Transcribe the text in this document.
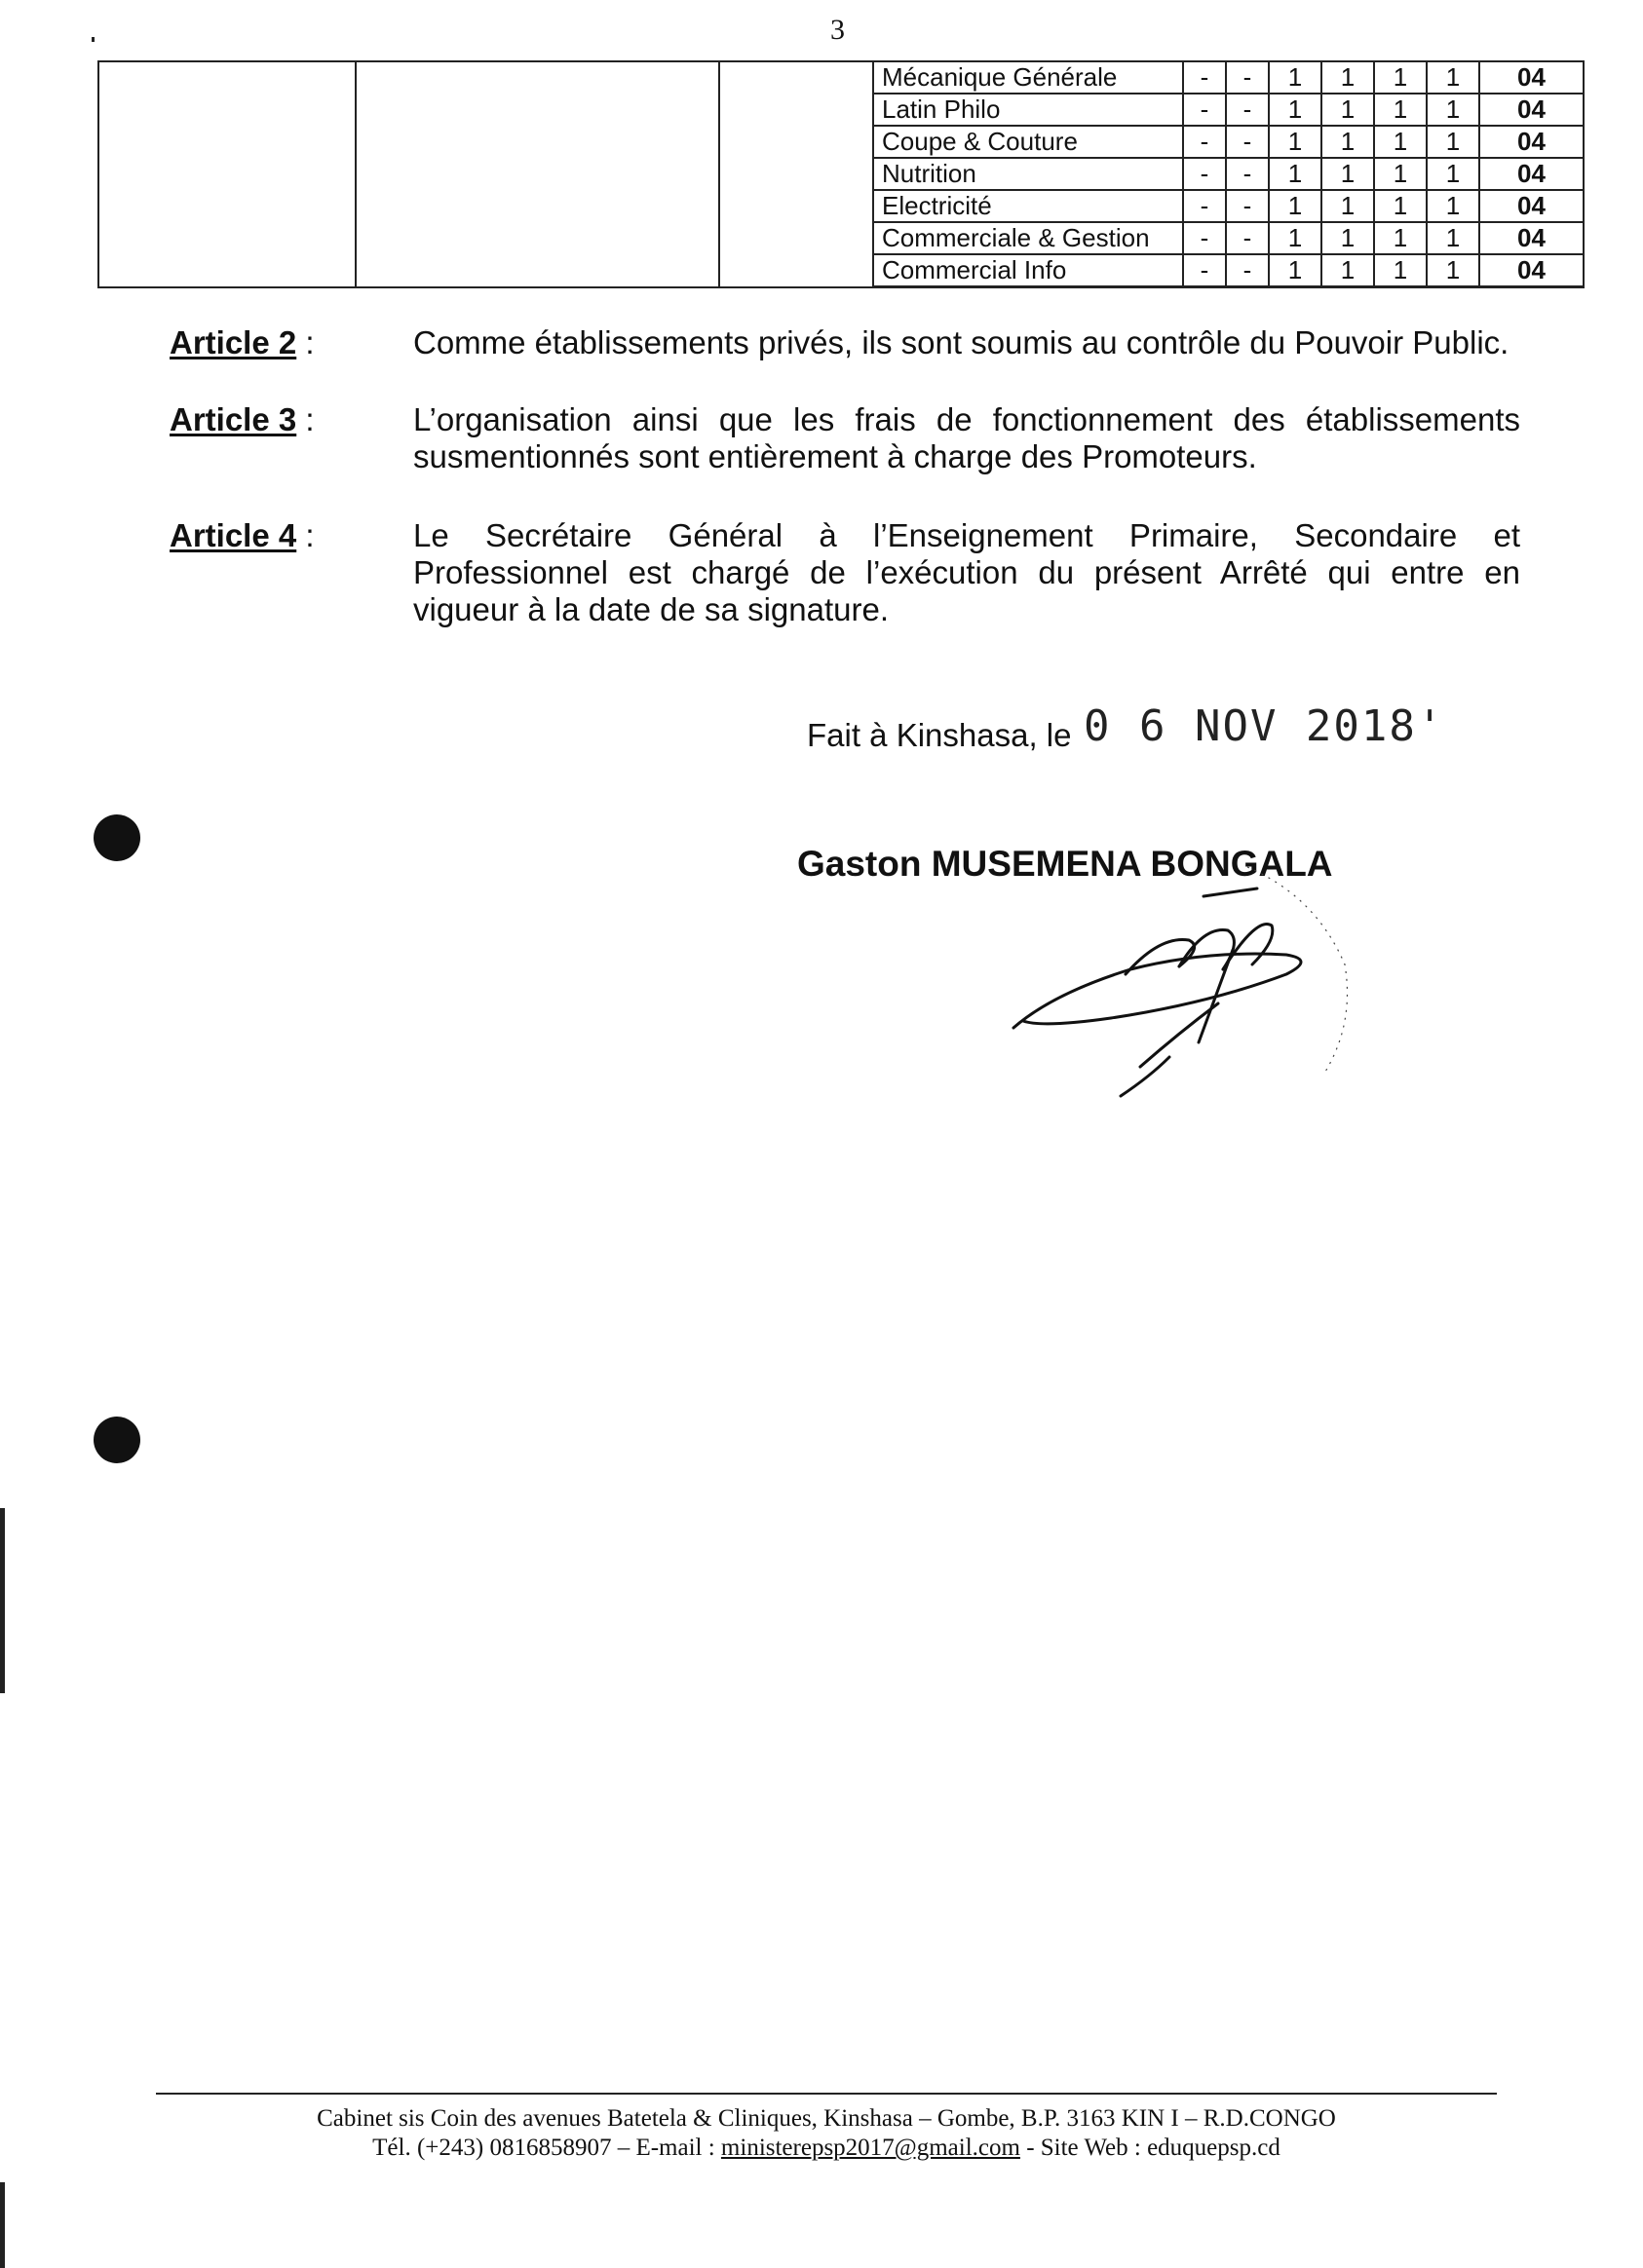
3
			Mécanique Générale	-	-	1	1	1	1	04
			Latin Philo	-	-	1	1	1	1	04
			Coupe & Couture	-	-	1	1	1	1	04
			Nutrition	-	-	1	1	1	1	04
			Electricité	-	-	1	1	1	1	04
			Commerciale & Gestion	-	-	1	1	1	1	04
			Commercial Info	-	-	1	1	1	1	04
Article 2 :	Comme établissements privés, ils sont soumis au contrôle du Pouvoir Public.
Article 3 :	L’organisation ainsi que les frais de fonctionnement des établissements susmentionnés sont entièrement à charge des Promoteurs.
Article 4 :	Le Secrétaire Général à l’Enseignement Primaire, Secondaire et Professionnel est chargé de l’exécution du présent Arrêté qui entre en vigueur à la date de sa signature.
Fait à Kinshasa, le 0 6 NOV 2018'
Gaston MUSEMENA BONGALA
Cabinet sis Coin des avenues Batetela & Cliniques, Kinshasa – Gombe, B.P. 3163 KIN I – R.D.CONGO
Tél. (+243) 0816858907 – E-mail : ministerepsp2017@gmail.com - Site Web : eduquepsp.cd
